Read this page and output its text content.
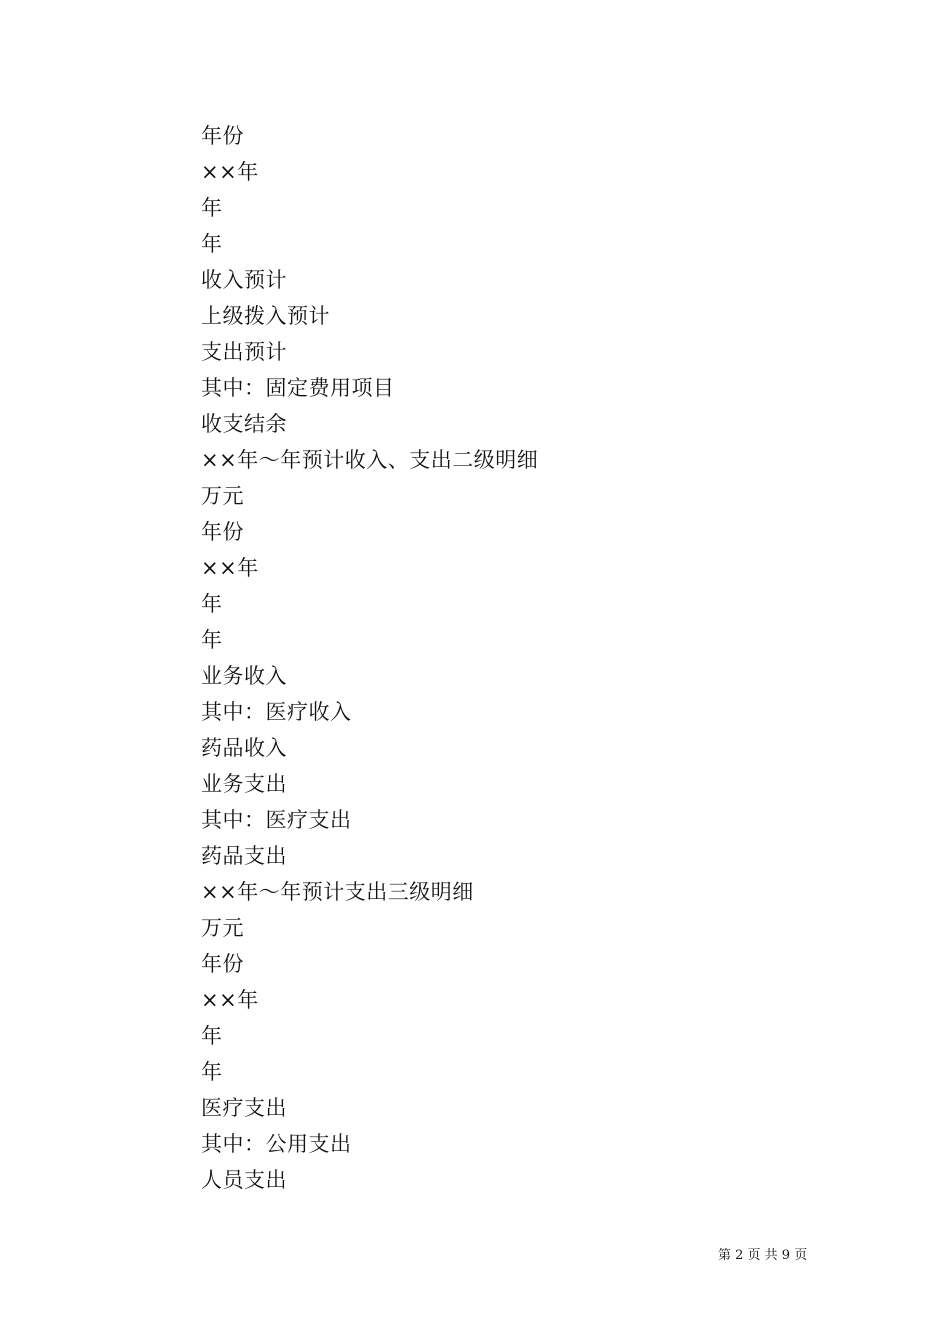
年份
××年
年
年
收入预计
上级拨入预计
支出预计
其中：固定费用项目
收支结余
××年～年预计收入、支出二级明细
万元
年份
××年
年
年
业务收入
其中：医疗收入
药品收入
业务支出
其中：医疗支出
药品支出
××年～年预计支出三级明细
万元
年份
××年
年
年
医疗支出
其中：公用支出
人员支出
第 2 页 共 9 页
